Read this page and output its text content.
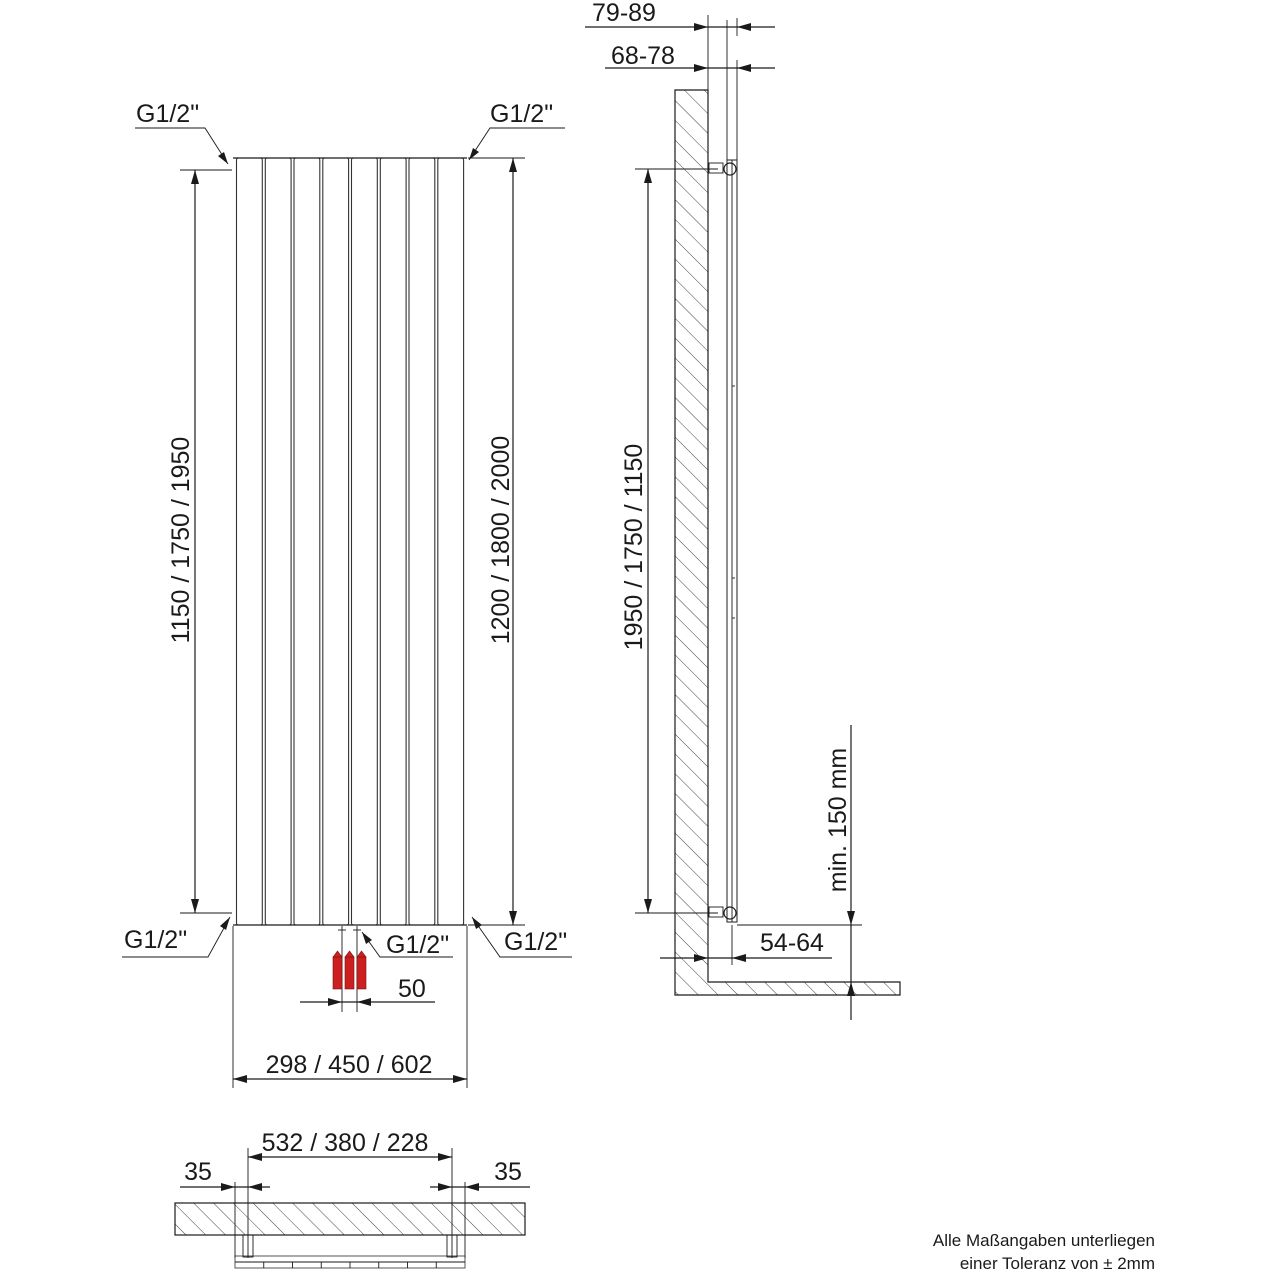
1150 / 1750 / 1950	1200 / 1800 / 2000
G1/2"	G1/2"
G1/2"	G1/2" G1/2"
50
298 / 450 / 602
79-89
68-78
1950 / 1750 / 1150
min. 150 mm
54-64
532 / 380 / 228
35	35
Alle Maßangaben unterliegen
einer Toleranz von ± 2mm
